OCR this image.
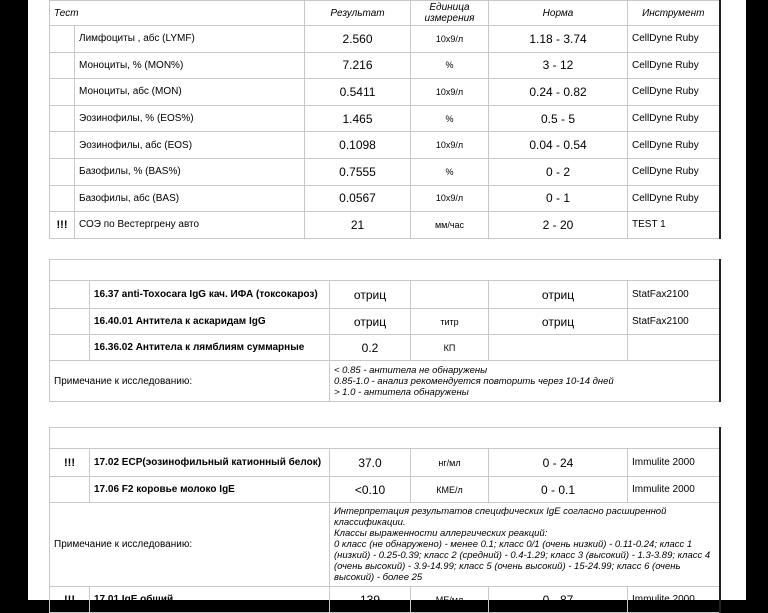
Тест		Результат	Единица измерения	Норма	Инструмент
	Лимфоциты , абс (LYMF)	2.560	10х9/л	1.18 - 3.74	CellDyne Ruby
	Моноциты, % (MON%)	7.216	%	3 - 12	CellDyne Ruby
	Моноциты, абс (MON)	0.5411	10х9/л	0.24 - 0.82	CellDyne Ruby
	Эозинофилы, % (EOS%)	1.465	%	0.5 - 5	CellDyne Ruby
	Эозинофилы, абс (EOS)	0.1098	10х9/л	0.04 - 0.54	CellDyne Ruby
	Базофилы, % (BAS%)	0.7555	%	0 - 2	CellDyne Ruby
	Базофилы, абс (BAS)	0.0567	10х9/л	0 - 1	CellDyne Ruby
!!!	СОЭ по Вестергрену авто	21	мм/час	2 - 20	TEST 1

	16.37 anti-Toxocara IgG кач. ИФА (токсокароз)	отриц		отриц	StatFax2100
	16.40.01 Антитела к аскаридам IgG	отриц	титр	отриц	StatFax2100
	16.36.02 Антитела к лямблиям суммарные	0.2	КП		
Примечание к исследованию:		< 0.85 - антитела не обнаружены
0.85-1.0 - анализ рекомендуется повторить через 10-14 дней
> 1.0 - антитела обнаружены			

!!!	17.02 ECP(эозинофильный катионный белок)	37.0	нг/мл	0 - 24	Immulite 2000
	17.06 F2 коровье молоко IgE	<0.10	КМЕ/л	0 - 0.1	Immulite 2000
Примечание к исследованию:		Интерпретация результатов специфических IgE согласно расширенной классификации.
Классы выраженности аллергических реакций:
0 класс (не обнаружено) - менее 0.1; класс 0/1 (очень низкий) - 0.11-0.24; класс 1 (низкий) - 0.25-0.39; класс 2 (средний) - 0.4-1.29; класс 3 (высокий) - 1.3-3.89; класс 4 (очень высокий) - 3.9-14.99; класс 5 (очень высокий) - 15-24.99; класс 6 (очень высокий) - более 25			

!!!	17.01 IgE общий	139	МЕ/мл	0 - 87	Immulite 2000
